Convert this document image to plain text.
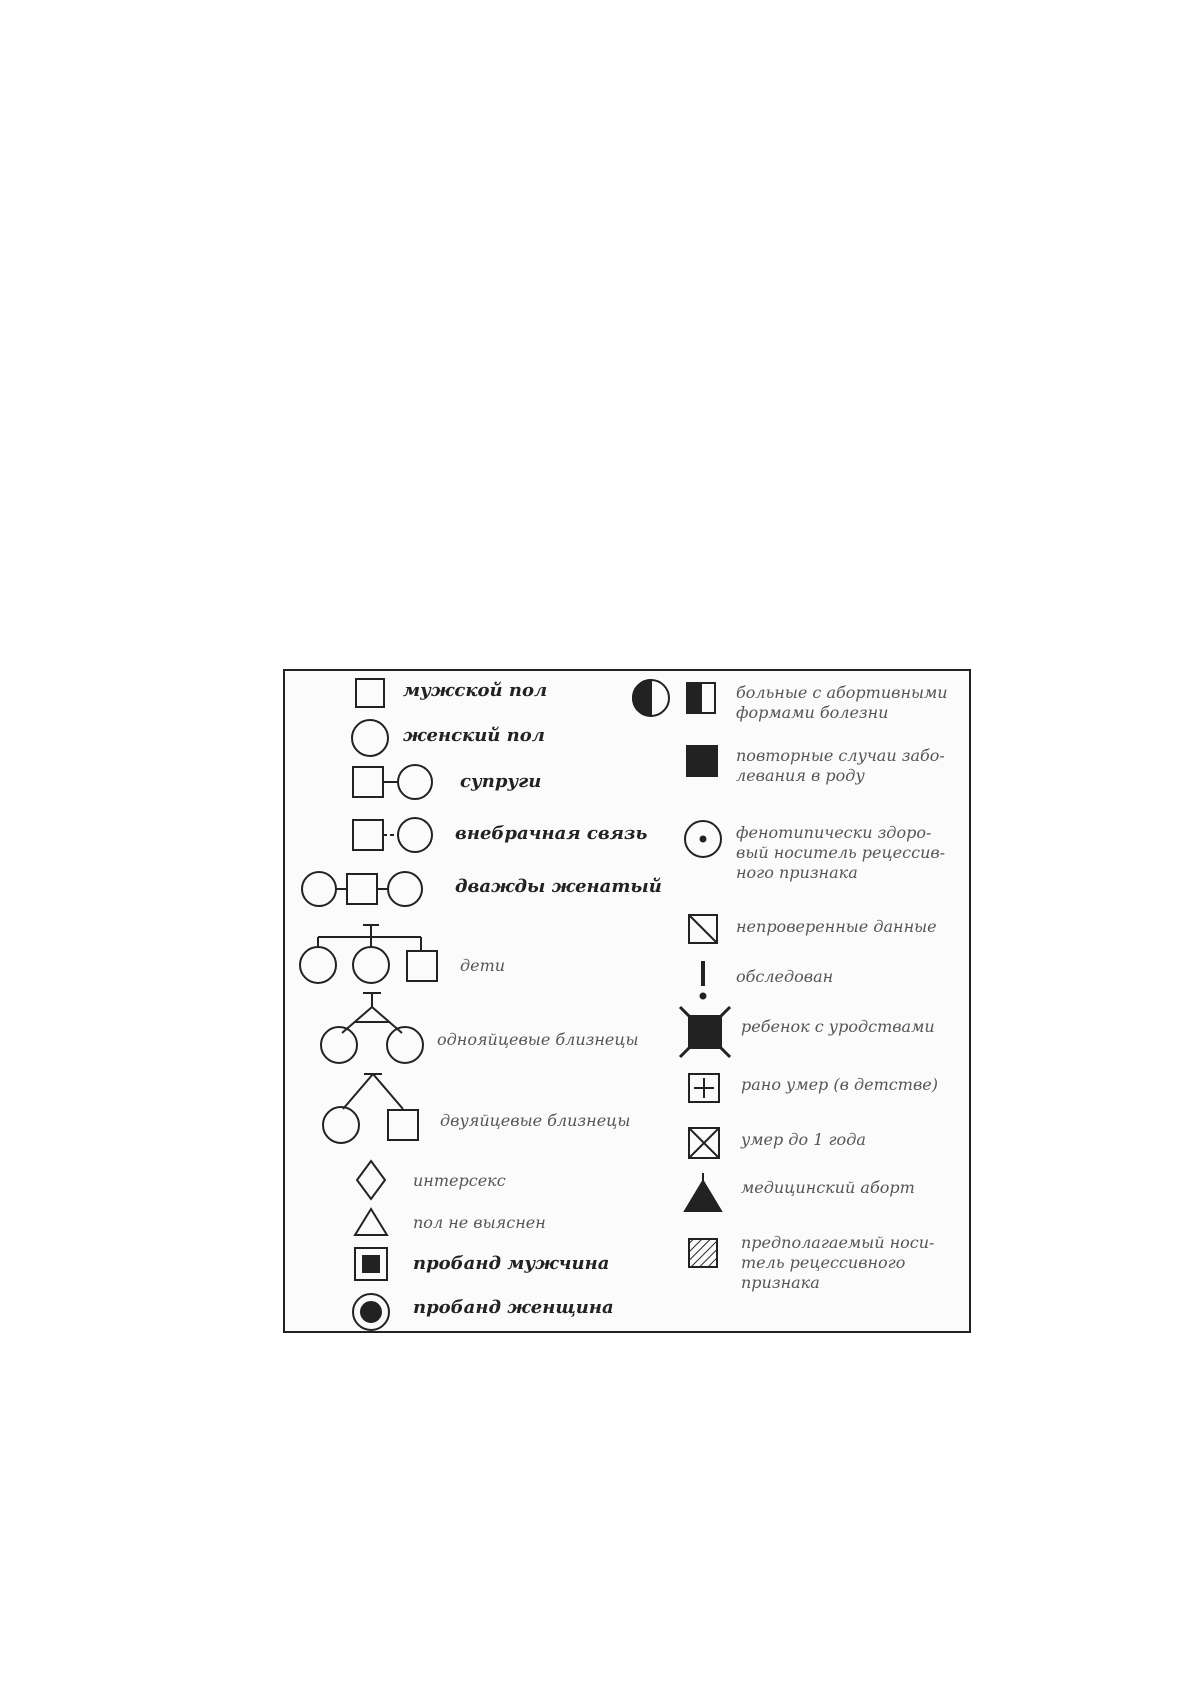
мужской пол
женский пол
супруги
внебрачная связь
дважды женатый
дети
однояйцевые близнецы
двуяйцевые близнецы
интерсекс
пол не выяснен
пробанд мужчина
пробанд женщина
больные с абортивными
формами болезни
повторные случаи забо-
левания в роду
фенотипически здоро-
вый носитель рецессив-
ного признака
непроверенные данные
обследован
ребенок с уродствами
рано умер (в детстве)
умер до 1 года
медицинский аборт
предполагаемый носи-
тель рецессивного
признака
